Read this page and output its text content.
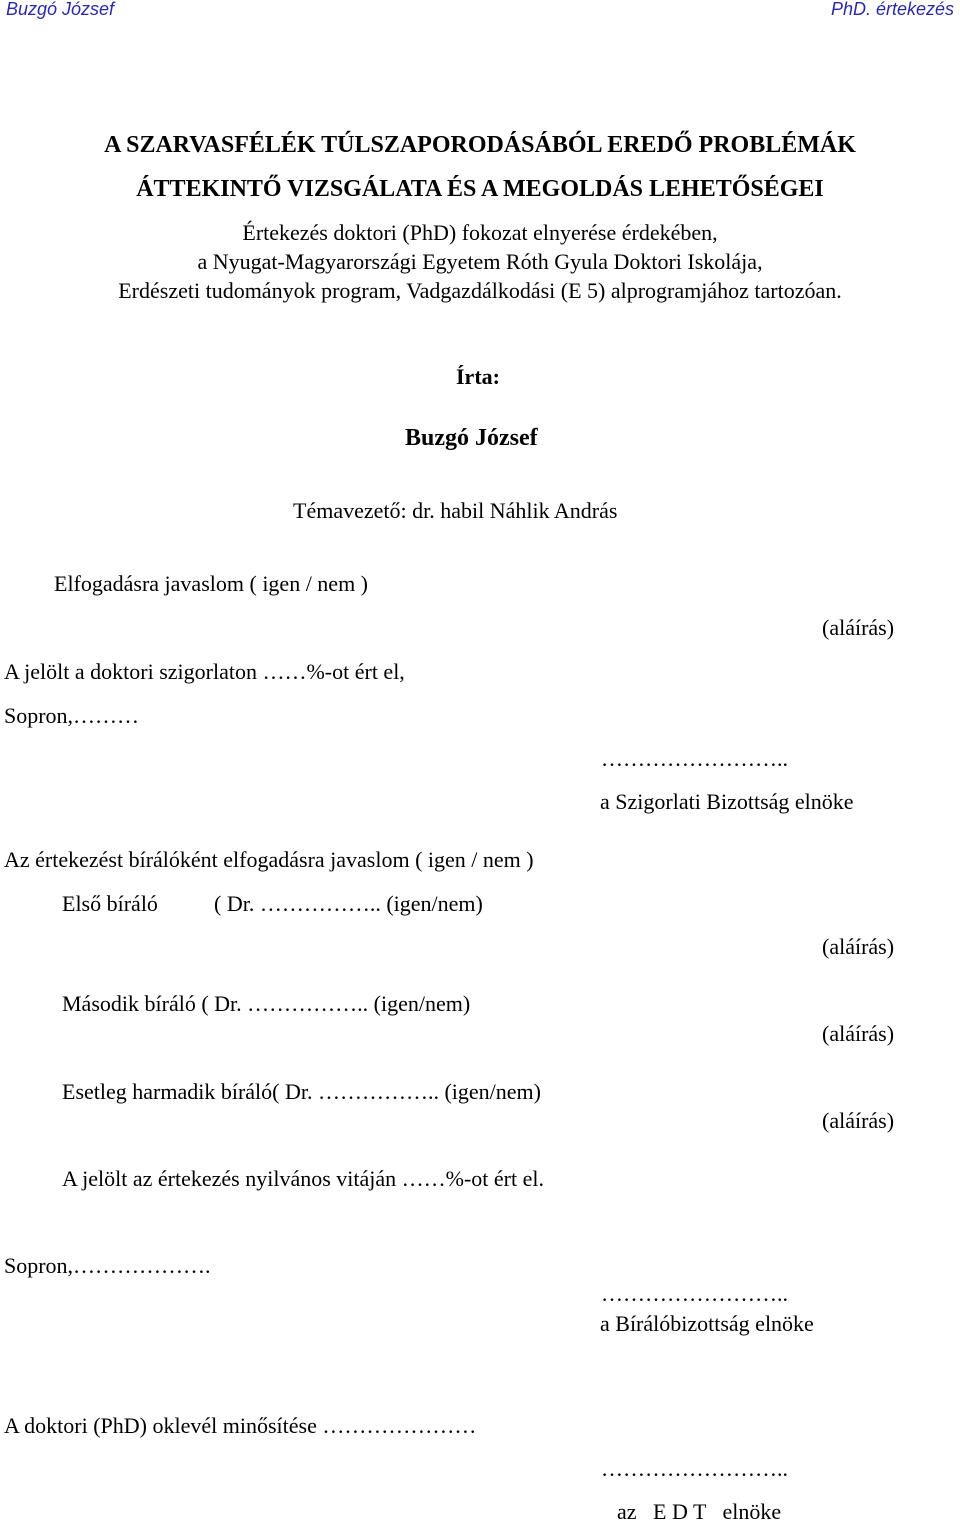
Buzgó József	PhD. értekezés
A SZARVASFÉLÉK TÚLSZAPORODÁSÁBÓL EREDŐ PROBLÉMÁK
ÁTTEKINTŐ VIZSGÁLATA ÉS A MEGOLDÁS LEHETŐSÉGEI
Értekezés doktori (PhD) fokozat elnyerése érdekében,
a Nyugat-Magyarországi Egyetem Róth Gyula Doktori Iskolája,
Erdészeti tudományok program, Vadgazdálkodási (E 5) alprogramjához tartozóan.
Írta:
Buzgó József
Témavezető: dr. habil Náhlik András
Elfogadásra javaslom ( igen / nem )
(aláírás)
A jelölt a doktori szigorlaton ……%-ot ért el,
Sopron,………
……………………..
a Szigorlati Bizottság elnöke
Az értekezést bírálóként elfogadásra javaslom ( igen / nem )
Első bíráló	( Dr. …………….. (igen/nem)
(aláírás)
Második bíráló ( Dr. …………….. (igen/nem)
(aláírás)
Esetleg harmadik bíráló( Dr. …………….. (igen/nem)
(aláírás)
A jelölt az értekezés nyilvános vitáján ……%-ot ért el.
Sopron,……………….
……………………..
a Bírálóbizottság elnöke
A doktori (PhD) oklevél minősítése …………………
……………………..
az   E D T   elnöke
